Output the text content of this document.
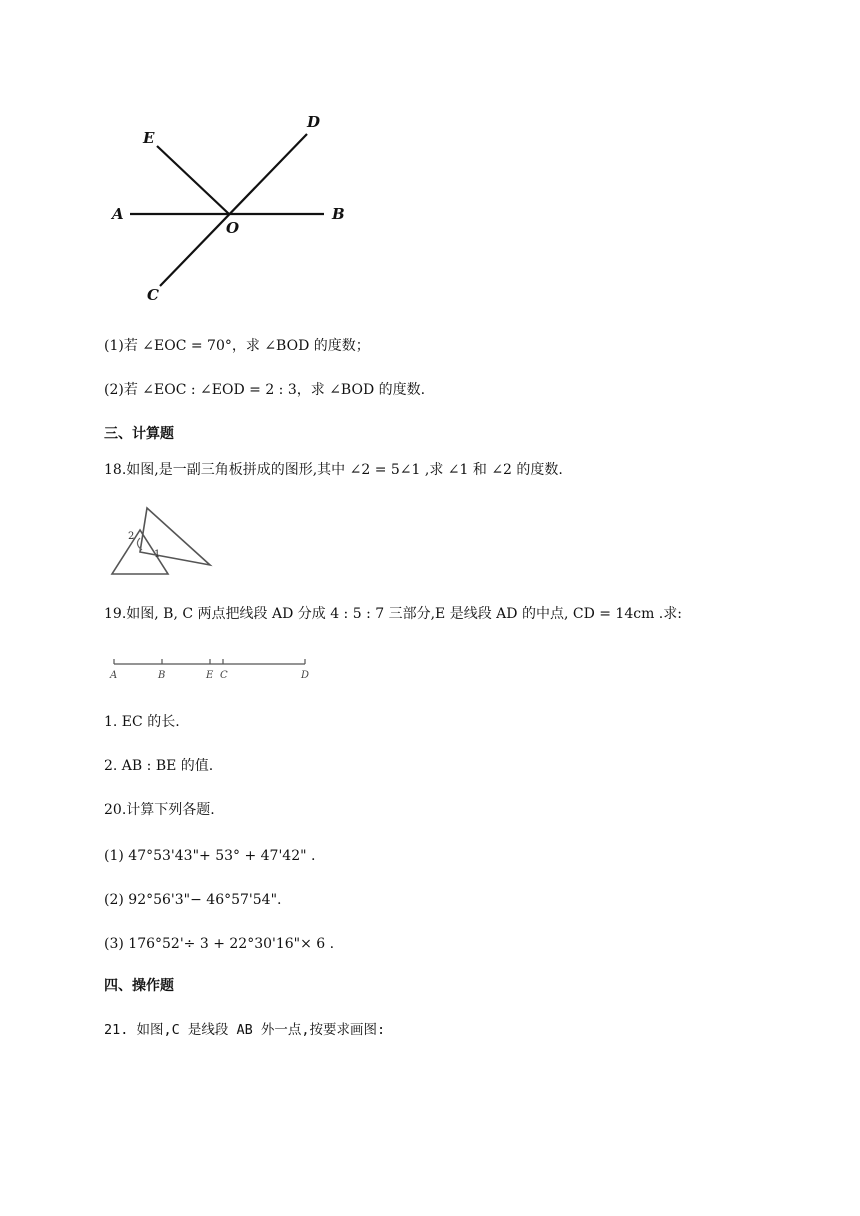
E
D
A	B
O
C
(1)若 ∠EOC = 70°，求 ∠BOD 的度数；
(2)若 ∠EOC : ∠EOD = 2 : 3，求 ∠BOD 的度数.
三、计算题
18.如图,是一副三角板拼成的图形,其中 ∠2 = 5∠1 ,求 ∠1 和 ∠2 的度数.
2
1
19.如图, B, C 两点把线段 AD 分成 4 : 5 : 7 三部分,E 是线段 AD 的中点, CD = 14cm .求:
A	B	E C	D
1. EC 的长.
2. AB : BE 的值.
20.计算下列各题.
(1) 47°53'43"+ 53° + 47'42" .
(2) 92°56'3"− 46°57'54".
(3) 176°52'÷ 3 + 22°30'16"× 6 .
四、操作题
21. 如图,C 是线段 AB 外一点,按要求画图:
